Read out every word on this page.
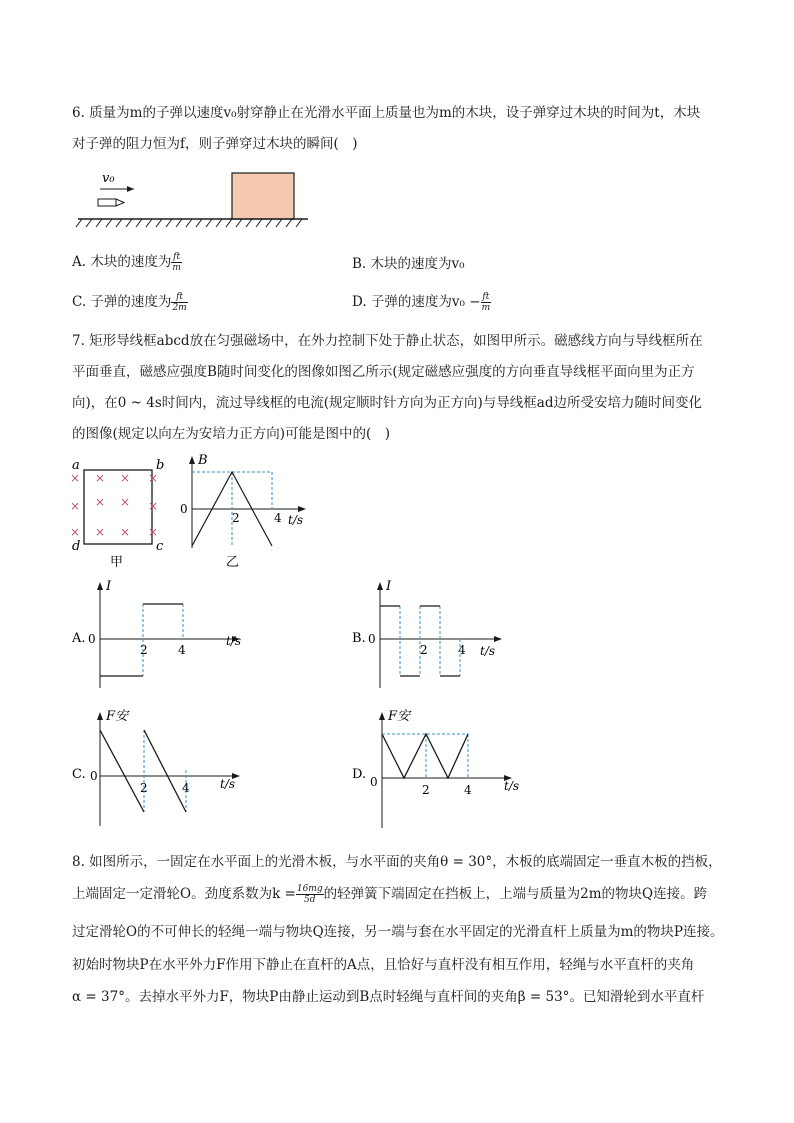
6. 质量为m的子弹以速度v₀射穿静止在光滑水平面上质量也为m的木块，设子弹穿过木块的时间为t，木块
对子弹的阻力恒为f，则子弹穿过木块的瞬间(　)
v₀
A. 木块的速度为 $\frac{ft}{m}$	B. 木块的速度为v₀
C. 子弹的速度为 $\frac{ft}{2m}$	D. 子弹的速度为$v_0 - \frac{ft}{m}$
7. 矩形导线框abcd放在匀强磁场中，在外力控制下处于静止状态，如图甲所示。磁感线方向与导线框所在
平面垂直，磁感应强度B随时间变化的图像如图乙所示(规定磁感应强度的方向垂直导线框平面向里为正方
向)，在0 ~ 4s时间内，流过导线框的电流(规定顺时针方向为正方向)与导线框ad边所受安培力随时间变化
的图像(规定以向左为安培力正方向)可能是图中的(　)
a	b
d	c
× × × ×
× ×
×	×
× × × ×
甲
B
0
2	4 t/s
乙
A.
I
0
2	4
t/s	B.
I
0
2	4 t/s
C.
F安
0
2	4	t/s
D.
F安
0
2	4	t/s
8. 如图所示，一固定在水平面上的光滑木板，与水平面的夹角θ = 30°，木板的底端固定一垂直木板的挡板，
上端固定一定滑轮O。劲度系数为$k = \frac{16mg}{5d}$ 的轻弹簧下端固定在挡板上，上端与质量为2m的物块Q连接。跨
过定滑轮O的不可伸长的轻绳一端与物块Q连接，另一端与套在水平固定的光滑直杆上质量为m的物块P连接。
初始时物块P在水平外力F作用下静止在直杆的A点，且恰好与直杆没有相互作用，轻绳与水平直杆的夹角
α = 37°。去掉水平外力F，物块P由静止运动到B点时轻绳与直杆间的夹角β = 53°。已知滑轮到水平直杆
